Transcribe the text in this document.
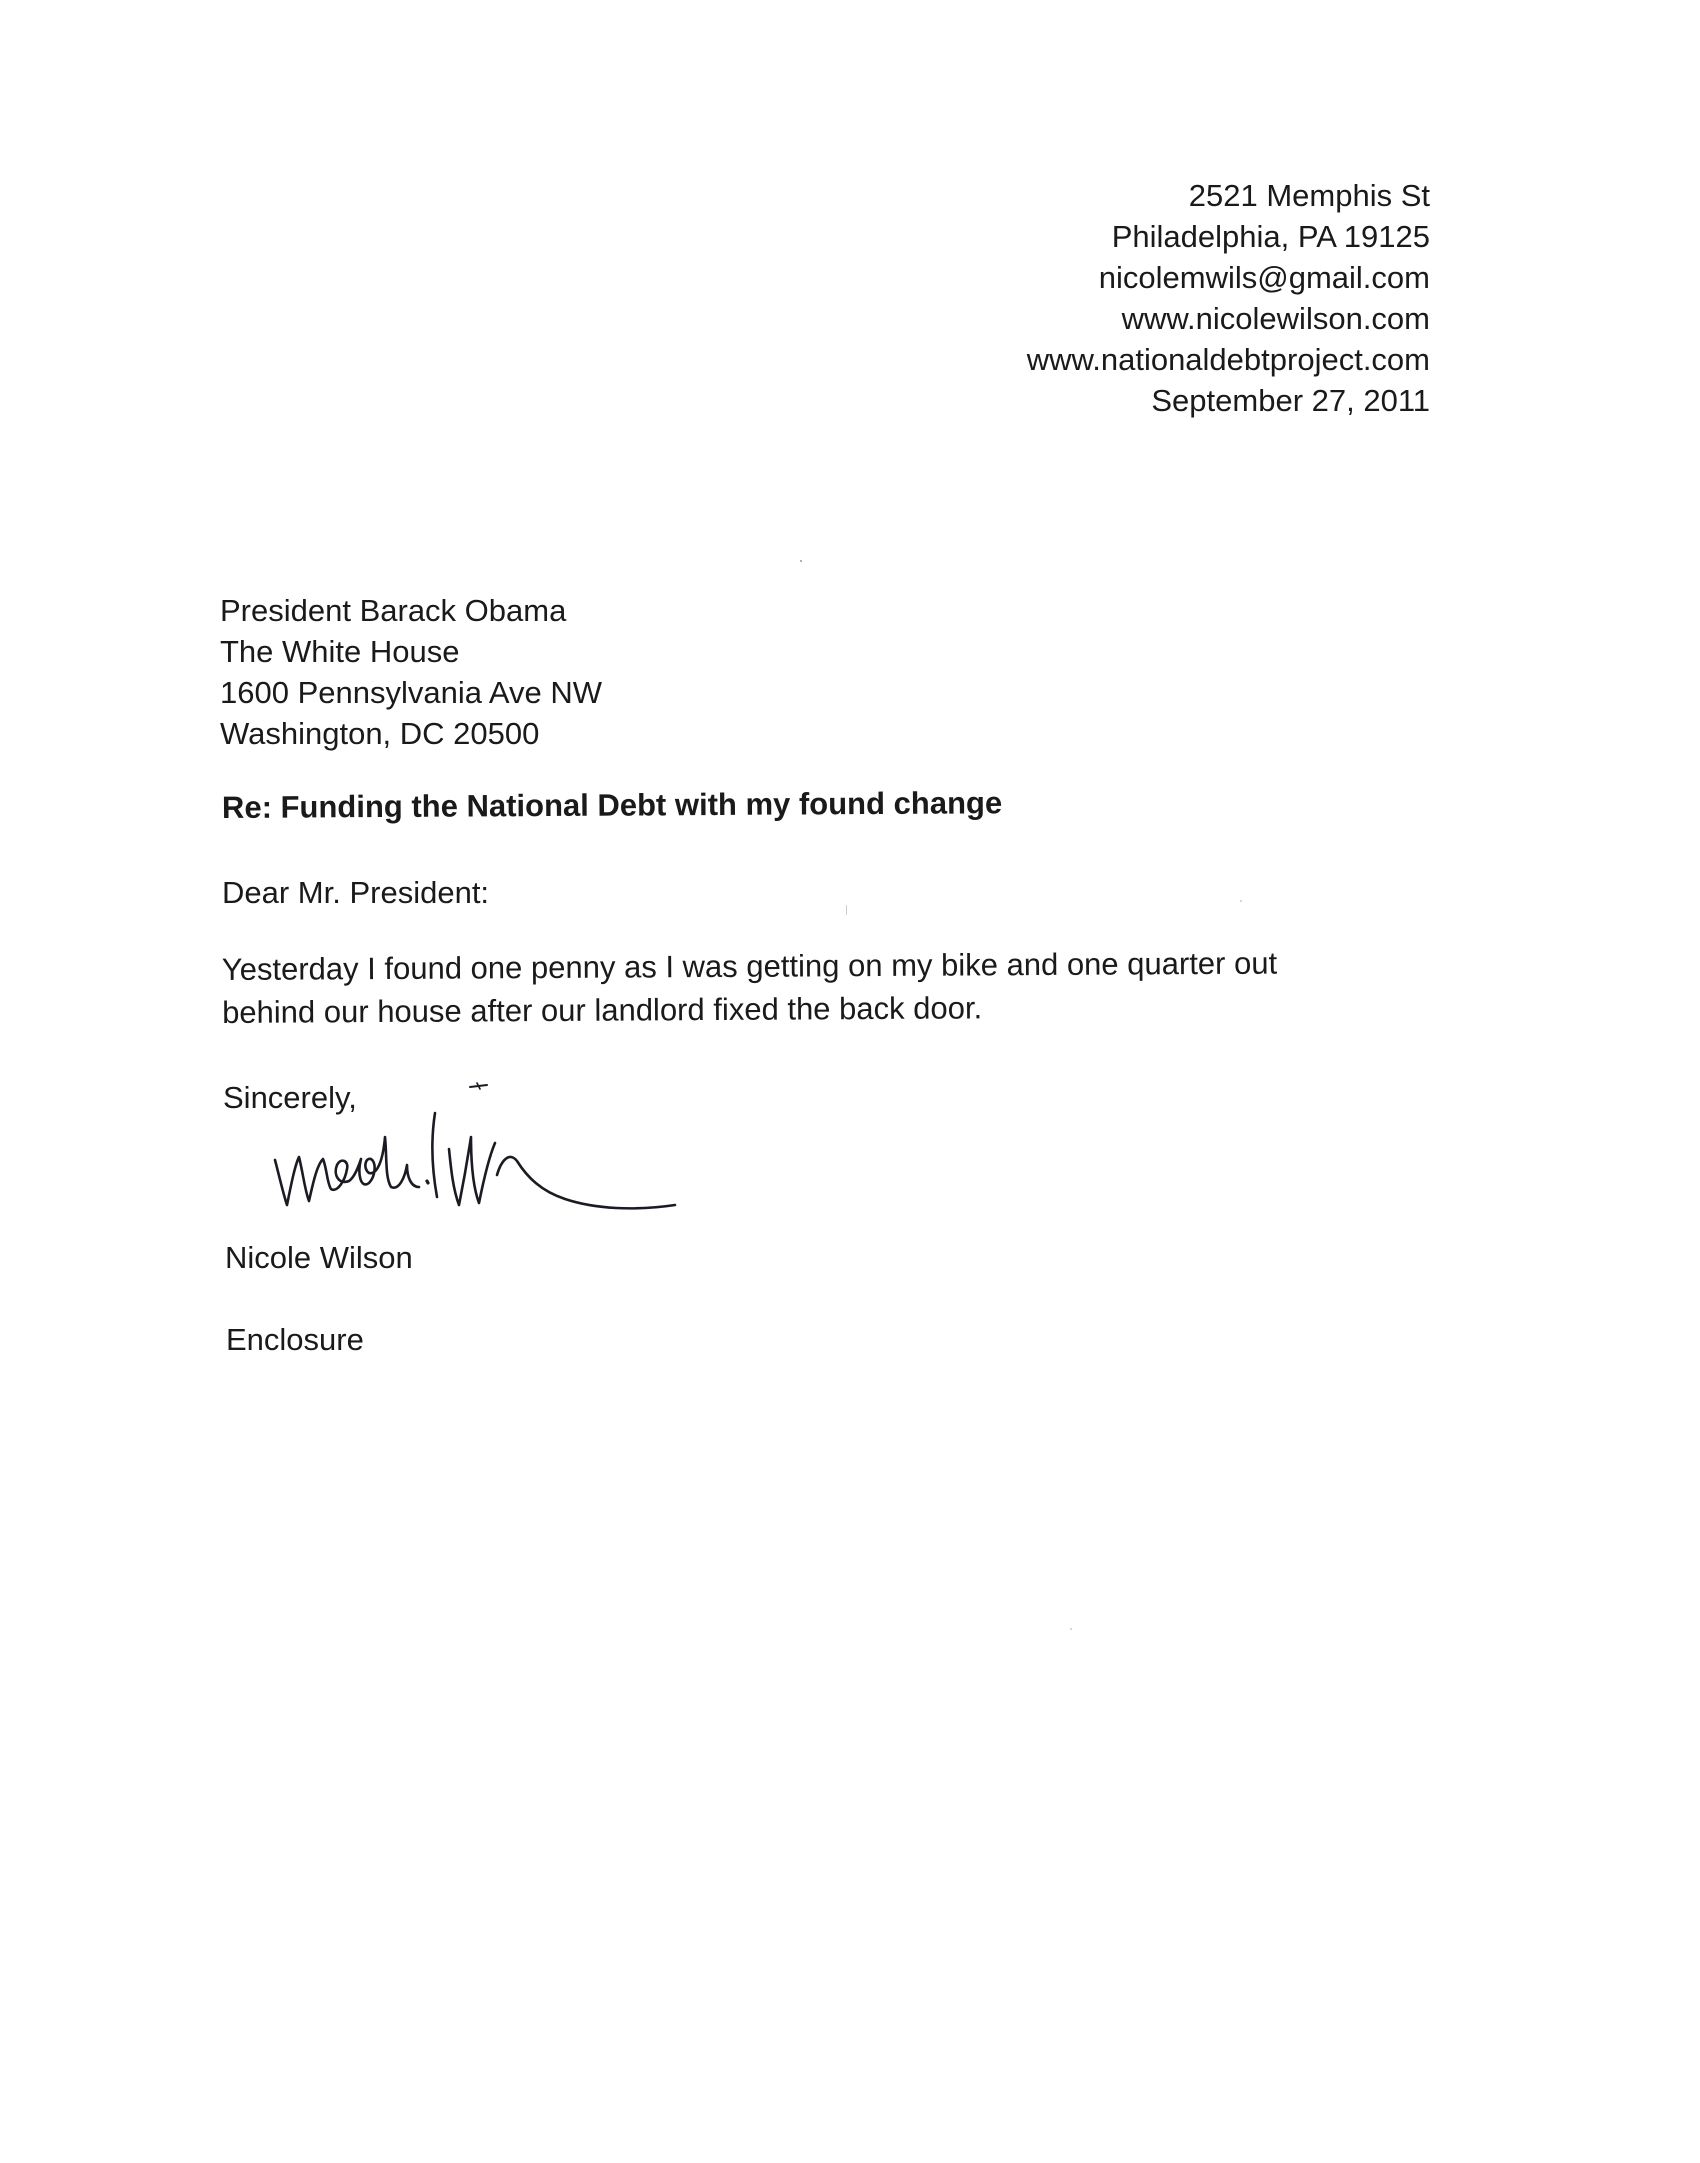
2521 Memphis St
Philadelphia, PA 19125
nicolemwils@gmail.com
www.nicolewilson.com
www.nationaldebtproject.com
September 27, 2011
President Barack Obama
The White House
1600 Pennsylvania Ave NW
Washington, DC 20500
Re: Funding the National Debt with my found change
Dear Mr. President:
Yesterday I found one penny as I was getting on my bike and one quarter out
behind our house after our landlord fixed the back door.
Sincerely,
Nicole Wilson
Enclosure
